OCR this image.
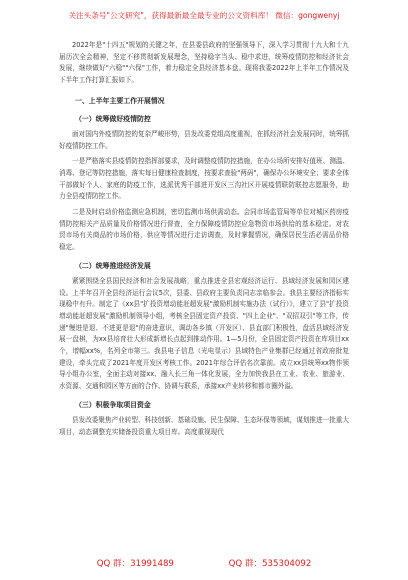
关注头条号"公文研究"，获得最新最全最专业的公文资料库！ 微信：gongwenyj

2022年是"十四五"规划的关键之年，在县委县政府的坚强领导下，深入学习贯彻十九大和十九届历次全会精神，坚定不移贯彻新发展理念，坚持稳字当头、稳中求进，统筹疫情防控和经济社会发展，继续做好"六稳""六保"工作，着力稳定全县经济基本盘。现将我委2022年上半年工作情况及下半年工作打算汇报如下。

一、上半年主要工作开展情况
（一）统筹做好疫情防控

面对国内外疫情防控的复杂严峻形势，县发改委党组高度重视，在抓经济社会发展同时，统筹抓好疫情防控工作。

一是严格落实县疫情防控指挥部要求，及时调整疫情防控措施，在办公场所安排好值班、测温、消毒、登记等防控措施，落实每日健康检查制度，按要求查验"两码"，确保办公环境安全；要求全体干部做好个人、家庭的防疫工作，选派优秀干部进开发区三沟社区开展疫情联防联控志愿服务，助力全县疫情防控工作。

二是及时启动价格监测应急机制，密切监测市场供需动态。会同市场监管局等单位对城区药房疫情防控相关产品质量及价格情况进行督查，全力保障疫情防控应急物资市场供给的基本稳定。对农贸市场有关商品的市场价格，供应等情况进行走访调查，及时掌握情况，确保居民生活必需品价格稳定。

（二）统筹推进经济发展

紧紧围绕全县国民经济和社会发展战略，重点推进全县宏观经济运行、县域经济发展和园区建设。上半年召开全县经济运行会议5次，县委、县政府主要负责同志亲临参会。我县主要经济指标实现稳中有升。制定了《xx县"扩投资增动能赶超发展"激励机制实施办法（试行）》，建立了县"扩投资增动能赶超发展"激励机制领导小组，考核全县固定资产投资、"四上企业"、"双招双引"等工作，传递"慢进是退、不进更是退"的奋进意识，调动各乡镇（开发区）、县直部门积极性，盘活县域经济发展一盘棋，为xx县培育壮大形成新增长点起到推动作用。1—5月份，全县固定资产投资在库项目xx个，增幅xx%，名列全市第三。我县电子信息（光电显示）县域特色产业集群已经通过省政府批复建设，牵头完成了2021年度开发区考核工作。2021年综合评估名次靠前。成立xx县统筹xx物作领导小组办公室，全面主动对接xx、融入长三角一体化发展，全力加快我县在工业、农业、旅游业、水资源、交通和园区等方面的合作、协调与联系，承接xx产业转移和都市圈外溢。

（三）积极争取项目资金

县发改委聚焦产业转型、科技创新、基础设施、民生保障、生态环保等领域，谋划推进一批重大项目，动态调整充实储备投资重大项目库。高度重视现代

QQ 群：31991489	QQ 群：535304092
